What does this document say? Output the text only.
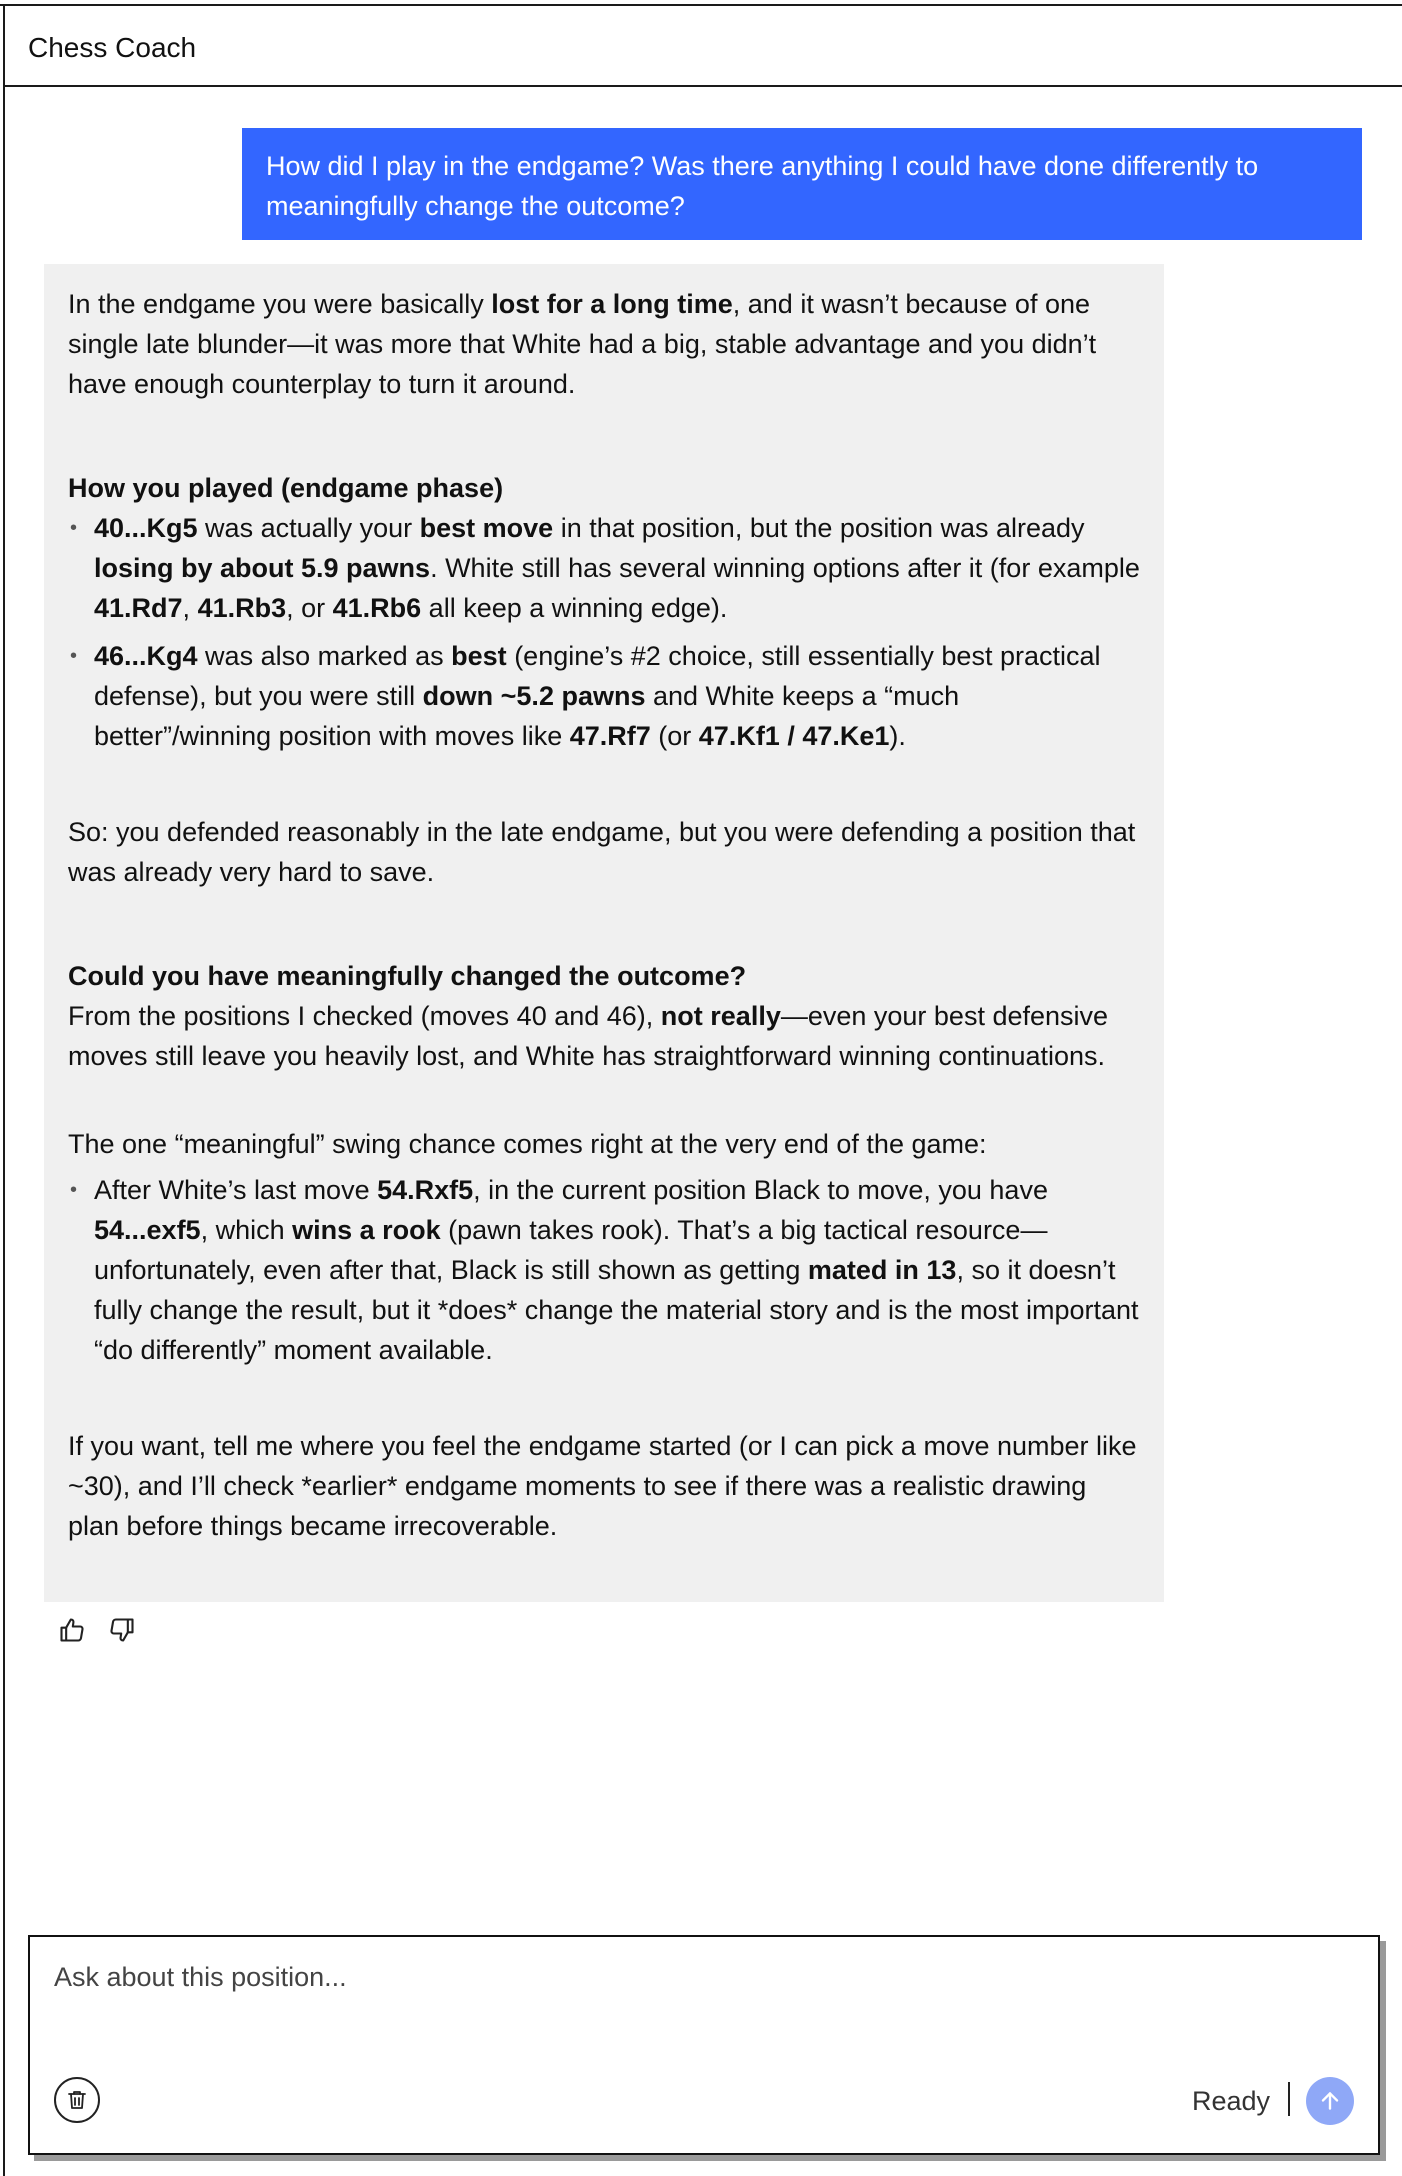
Chess Coach
How did I play in the endgame? Was there anything I could have done differently to meaningfully change the outcome?

In the endgame you were basically lost for a long time, and it wasn’t because of one single late blunder—it was more that White had a big, stable advantage and you didn’t have enough counterplay to turn it around.

How you played (endgame phase)

• 40...Kg5 was actually your best move in that position, but the position was already losing by about 5.9 pawns. White still has several winning options after it (for example 41.Rd7, 41.Rb3, or 41.Rb6 all keep a winning edge).
• 46...Kg4 was also marked as best (engine’s #2 choice, still essentially best practical defense), but you were still down ~5.2 pawns and White keeps a “much better”/winning position with moves like 47.Rf7 (or 47.Kf1 / 47.Ke1).

So: you defended reasonably in the late endgame, but you were defending a position that was already very hard to save.

Could you have meaningfully changed the outcome?

From the positions I checked (moves 40 and 46), not really—even your best defensive moves still leave you heavily lost, and White has straightforward winning continuations.

The one “meaningful” swing chance comes right at the very end of the game:

• After White’s last move 54.Rxf5, in the current position Black to move, you have 54...exf5, which wins a rook (pawn takes rook). That’s a big tactical resource—unfortunately, even after that, Black is still shown as getting mated in 13, so it doesn’t fully change the result, but it *does* change the material story and is the most important “do differently” moment available.

If you want, tell me where you feel the endgame started (or I can pick a move number like ~30), and I’ll check *earlier* endgame moments to see if there was a realistic drawing plan before things became irrecoverable.

Ask about this position...
Ready
